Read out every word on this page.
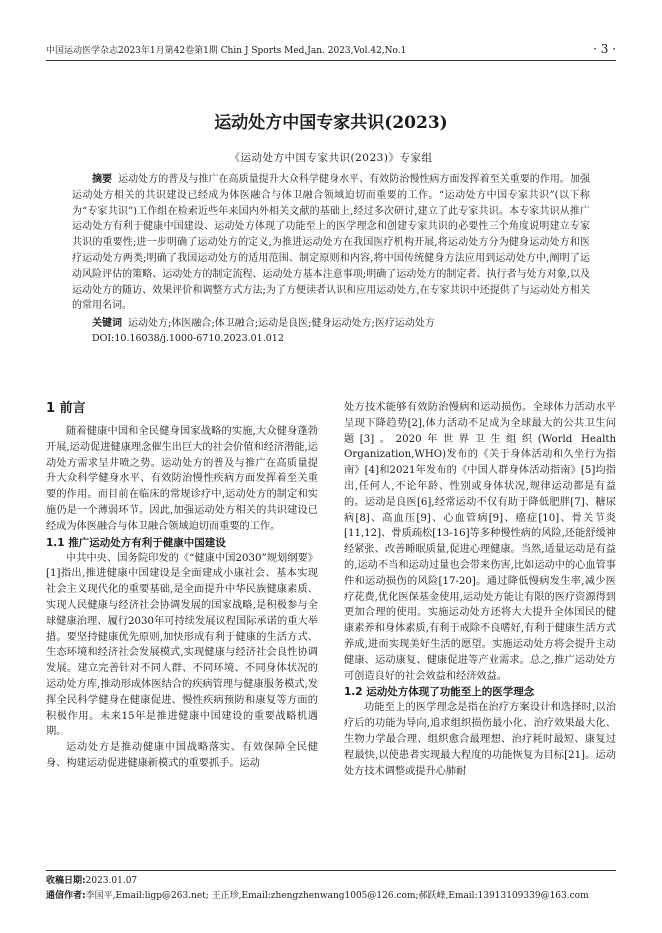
中国运动医学杂志2023年1月第42卷第1期 Chin J Sports Med,Jan. 2023,Vol.42,No.1	· 3 ·
运动处方中国专家共识(2023)
《运动处方中国专家共识(2023)》专家组

摘要 运动处方的普及与推广在高质量提升大众科学健身水平、有效防治慢性病方面发挥着至关重要的作用。加强运动处方相关的共识建设已经成为体医融合与体卫融合领域迫切而重要的工作。“运动处方中国专家共识”(以下称为“专家共识”)工作组在检索近些年来国内外相关文献的基础上,经过多次研讨,建立了此专家共识。本专家共识从推广运动处方有利于健康中国建设、运动处方体现了功能至上的医学理念和创建专家共识的必要性三个角度说明建立专家共识的重要性;进一步明确了运动处方的定义,为推进运动处方在我国医疗机构开展,将运动处方分为健身运动处方和医疗运动处方两类;明确了我国运动处方的适用范围、制定原则和内容,将中国传统健身方法应用到运动处方中,阐明了运动风险评估的策略、运动处方的制定流程、运动处方基本注意事项;明确了运动处方的制定者、执行者与处方对象,以及运动处方的随访、效果评价和调整方式方法;为了方便读者认识和应用运动处方,在专家共识中还提供了与运动处方相关的常用名词。

关键词 运动处方;体医融合;体卫融合;运动是良医;健身运动处方;医疗运动处方
DOI:10.16038/j.1000-6710.2023.01.012
1 前言

随着健康中国和全民健身国家战略的实施,大众健身蓬勃开展,运动促进健康理念催生出巨大的社会价值和经济潜能,运动处方需求呈井喷之势。运动处方的普及与推广在高质量提升大众科学健身水平、有效防治慢性疾病方面发挥着至关重要的作用。而目前在临床的常规诊疗中,运动处方的制定和实施仍是一个薄弱环节。因此,加强运动处方相关的共识建设已经成为体医融合与体卫融合领域迫切而重要的工作。

1.1 推广运动处方有利于健康中国建设

中共中央、国务院印发的《“健康中国2030”规划纲要》[1]指出,推进健康中国建设是全面建成小康社会、基本实现社会主义现代化的重要基础,是全面提升中华民族健康素质、实现人民健康与经济社会协调发展的国家战略,是积极参与全球健康治理、履行2030年可持续发展议程国际承诺的重大举措。要坚持健康优先原则,加快形成有利于健康的生活方式、生态环境和经济社会发展模式,实现健康与经济社会良性协调发展。建立完善针对不同人群、不同环境、不同身体状况的运动处方库,推动形成体医结合的疾病管理与健康服务模式,发挥全民科学健身在健康促进、慢性疾病预防和康复等方面的积极作用。未来15年是推进健康中国建设的重要战略机遇期。

运动处方是推动健康中国战略落实、有效保障全民健身、构建运动促进健康新模式的重要抓手。运动

处方技术能够有效防治慢病和运动损伤。全球体力活动水平呈现下降趋势[2],体力活动不足成为全球最大的公共卫生问题[3]。2020年世界卫生组织(World Health Organization,WHO)发布的《关于身体活动和久坐行为指南》[4]和2021年发布的《中国人群身体活动指南》[5]均指出,任何人,不论年龄、性别或身体状况,规律运动都是有益的。运动是良医[6],经常运动不仅有助于降低肥胖[7]、糖尿病[8]、高血压[9]、心血管病[9]、癌症[10]、骨关节炎[11,12]、骨质疏松[13-16]等多种慢性病的风险,还能舒缓神经紧张、改善睡眠质量,促进心理健康。当然,适量运动是有益的,运动不当和运动过量也会带来伤害,比如运动中的心血管事件和运动损伤的风险[17-20]。通过降低慢病发生率,减少医疗花费,优化医保基金使用,运动处方能让有限的医疗资源得到更加合理的使用。实施运动处方还将大大提升全体国民的健康素养和身体素质,有利于戒除不良嗜好,有利于健康生活方式养成,进而实现美好生活的愿望。实施运动处方将会提升主动健康、运动康复、健康促进等产业需求。总之,推广运动处方可创造良好的社会效益和经济效益。

1.2 运动处方体现了功能至上的医学理念

功能至上的医学理念是指在治疗方案设计和选择时,以治疗后的功能为导向,追求组织损伤最小化、治疗效果最大化、生物力学最合理、组织愈合最理想、治疗耗时最短、康复过程最快,以使患者实现最大程度的功能恢复为目标[21]。运动处方技术调整或提升心肺耐

收稿日期:2023.01.07
通信作者:李国平,Email:ligp@263.net; 王正珍,Email:zhengzhenwang1005@126.com;郝跃峰,Email:13913109339@163.com
